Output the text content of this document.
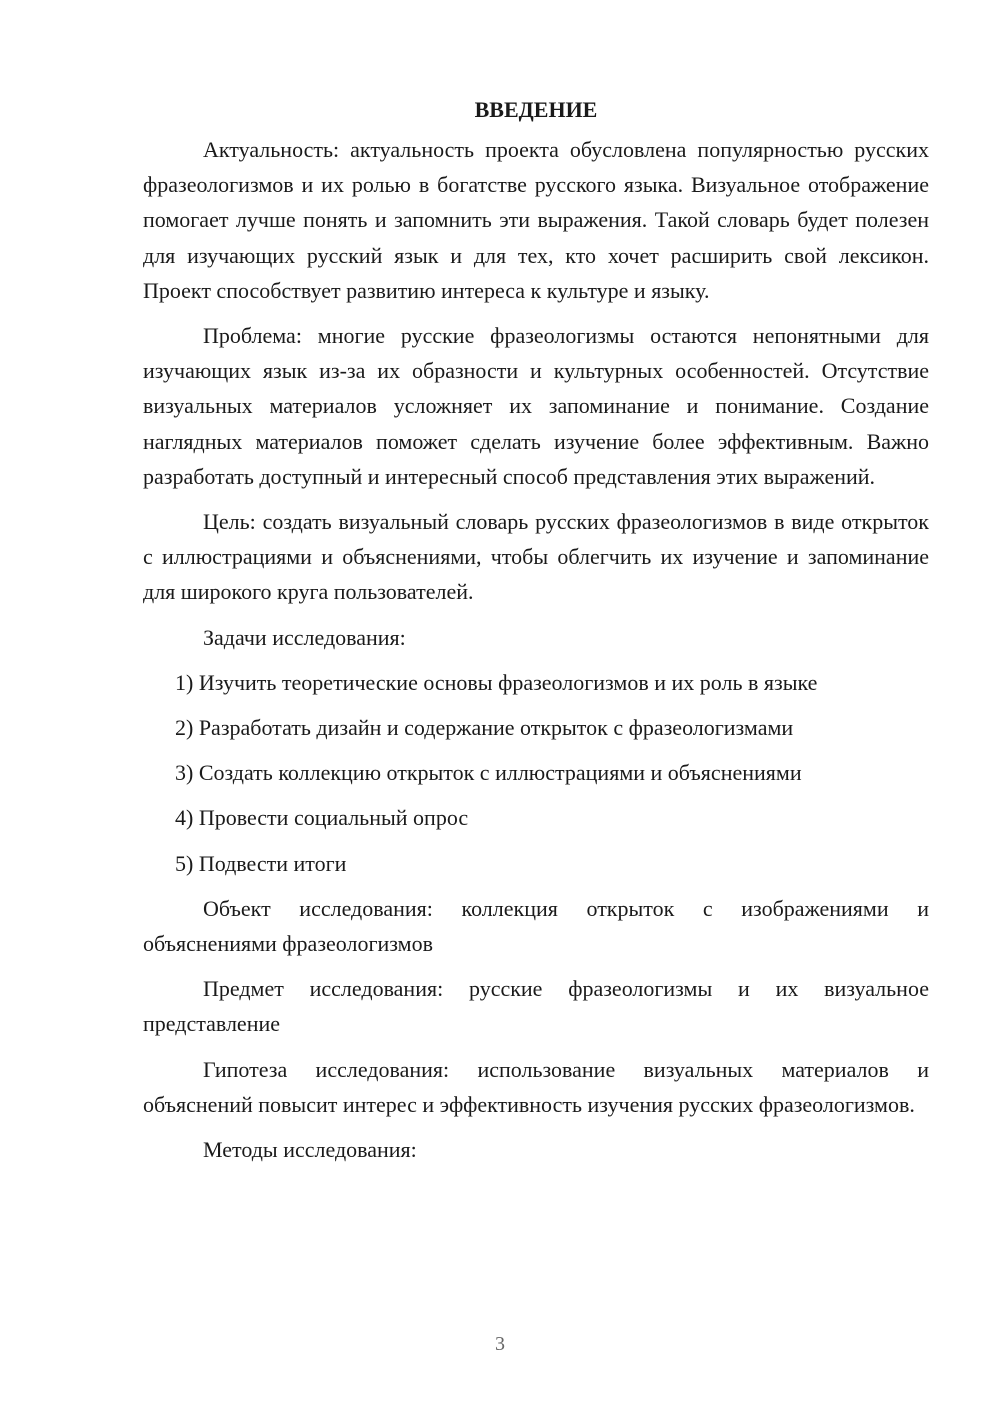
ВВЕДЕНИЕ

Актуальность: актуальность проекта обусловлена популярностью русских фразеологизмов и их ролью в богатстве русского языка. Визуальное отображение помогает лучше понять и запомнить эти выражения. Такой словарь будет полезен для изучающих русский язык и для тех, кто хочет расширить свой лексикон. Проект способствует развитию интереса к культуре и языку.

Проблема: многие русские фразеологизмы остаются непонятными для изучающих язык из-за их образности и культурных особенностей. Отсутствие визуальных материалов усложняет их запоминание и понимание. Создание наглядных материалов поможет сделать изучение более эффективным. Важно разработать доступный и интересный способ представления этих выражений.

Цель: создать визуальный словарь русских фразеологизмов в виде открыток с иллюстрациями и объяснениями, чтобы облегчить их изучение и запоминание для широкого круга пользователей.

Задачи исследования:

1) Изучить теоретические основы фразеологизмов и их роль в языке
2) Разработать дизайн и содержание открыток с фразеологизмами
3) Создать коллекцию открыток с иллюстрациями и объяснениями
4) Провести социальный опрос
5) Подвести итоги

Объект исследования: коллекция открыток с изображениями и объяснениями фразеологизмов

Предмет исследования: русские фразеологизмы и их визуальное представление

Гипотеза исследования: использование визуальных материалов и объяснений повысит интерес и эффективность изучения русских фразеологизмов.

Методы исследования:

3
